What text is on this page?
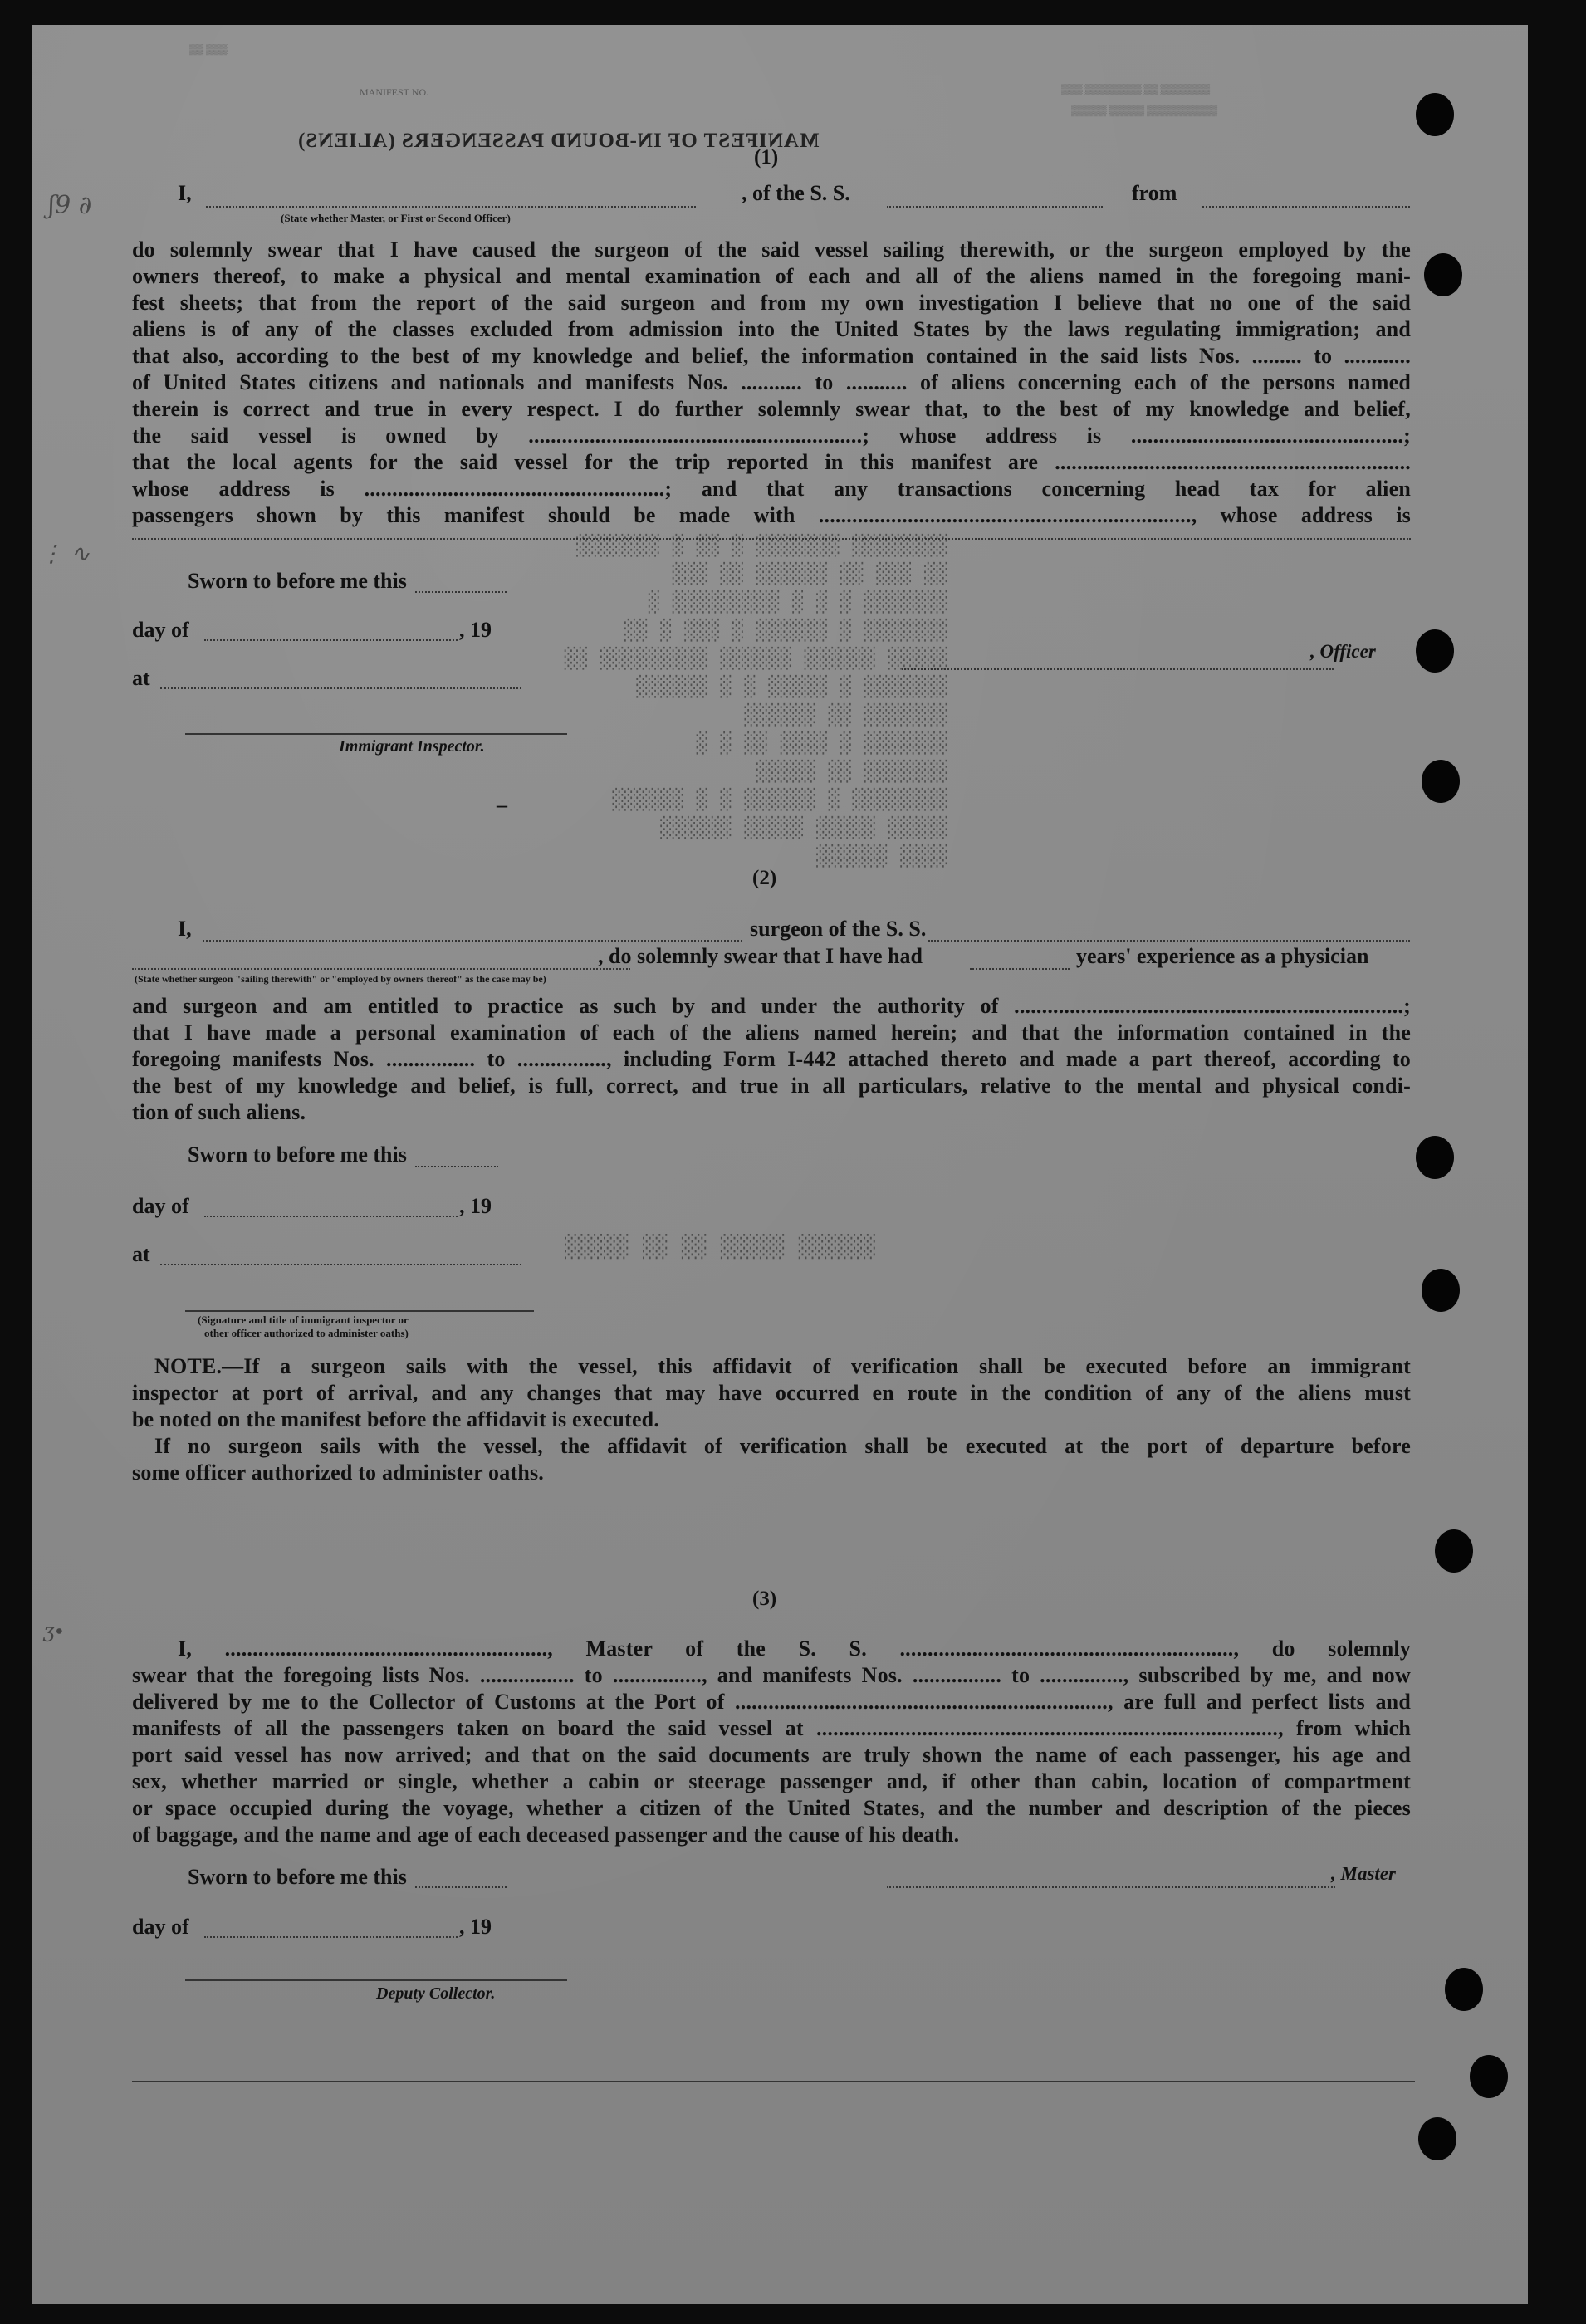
▒▒ ▒▒▒
MANIFEST NO.	▒▒▒ ▒▒▒▒▒▒▒▒ ▒▒ ▒▒▒▒▒▒▒
▒▒▒▒▒ ▒▒▒▒▒ ▒▒▒▒▒▒▒▒▒▒
MANIFEST OF IN-BOUND PASSENGERS (ALIENS)
(1)
I,	, of the S. S.	from
(State whether Master, or First or Second Officer)
do solemnly swear that I have caused the surgeon of the said vessel sailing therewith, or the surgeon employed by the
owners thereof, to make a physical and mental examination of each and all of the aliens named in the foregoing mani-
fest sheets; that from the report of the said surgeon and from my own investigation I believe that no one of the said
aliens is of any of the classes excluded from admission into the United States by the laws regulating immigration; and
that also, according to the best of my knowledge and belief, the information contained in the said lists Nos. ......... to ............
of United States citizens and nationals and manifests Nos. ........... to ........... of aliens concerning each of the persons named
therein is correct and true in every respect. I do further solemnly swear that, to the best of my knowledge and belief,
the said vessel is owned by ............................................................; whose address is .................................................;
that the local agents for the said vessel for the trip reported in this manifest are ................................................................
whose address is ......................................................; and that any transactions concerning head tax for alien
passengers shown by this manifest should be made with ..................................................................., whose address is
Sworn to before me this
day of	, 19
at
, Officer
Immigrant Inspector.
░░░░░░░░ ░░░░░░░ ░ ░░ ░ ░░░░░░░
░░ ░░░ ░░ ░░░░░░ ░░ ░░░
░░░░░░░ ░ ░ ░ ░░░░░░░░░ ░
░░░░░░░ ░ ░░░░░░ ░ ░░░ ░ ░░
░░░░░ ░░░░░░ ░░░░░░ ░░░░░░░░░ ░░
░░░░░░░ ░ ░░░░░ ░ ░ ░░░░░░
░░░░░░░ ░░ ░░░░░░
░░░░░░░ ░ ░░░░ ░░ ░ ░
░░░░░░░ ░░ ░░░░░
░░░░░░░░ ░ ░░░░░░ ░ ░ ░░░░░░
░░░░░ ░░░░░ ░░░░░ ░░░░░░
░░░░ ░░░░░░
ʃ9 ∂
⋮ ∿
–
(2)
I,	surgeon of the S. S.
, do solemnly swear that I have had	years' experience as a physician
(State whether surgeon "sailing therewith" or "employed by owners thereof" as the case may be)
and surgeon and am entitled to practice as such by and under the authority of ......................................................................;
that I have made a personal examination of each of the aliens named herein; and that the information contained in the
foregoing manifests Nos. ................ to ................, including Form I-442 attached thereto and made a part thereof, according to
the best of my knowledge and belief, is full, correct, and true in all particulars, relative to the mental and physical condi-
tion of such aliens.
Sworn to before me this
day of	, 19
at	░░░░░░ ░░░░░ ░░ ░░ ░░░░░
(Signature and title of immigrant inspector or
other officer authorized to administer oaths)
NOTE.—If a surgeon sails with the vessel, this affidavit of verification shall be executed before an immigrant
inspector at port of arrival, and any changes that may have occurred en route in the condition of any of the aliens must
be noted on the manifest before the affidavit is executed.
If no surgeon sails with the vessel, the affidavit of verification shall be executed at the port of departure before
some officer authorized to administer oaths.
(3)
ʒ∙
I, .........................................................., Master of the S. S. ............................................................, do solemnly
swear that the foregoing lists Nos. ................. to ................, and manifests Nos. ................ to ..............., subscribed by me, and now
delivered by me to the Collector of Customs at the Port of ..................................................................., are full and perfect lists and
manifests of all the passengers taken on board the said vessel at ..................................................................................., from which
port said vessel has now arrived; and that on the said documents are truly shown the name of each passenger, his age and
sex, whether married or single, whether a cabin or steerage passenger and, if other than cabin, location of compartment
or space occupied during the voyage, whether a citizen of the United States, and the number and description of the pieces
of baggage, and the name and age of each deceased passenger and the cause of his death.
Sworn to before me this	, Master
day of	, 19
Deputy Collector.
